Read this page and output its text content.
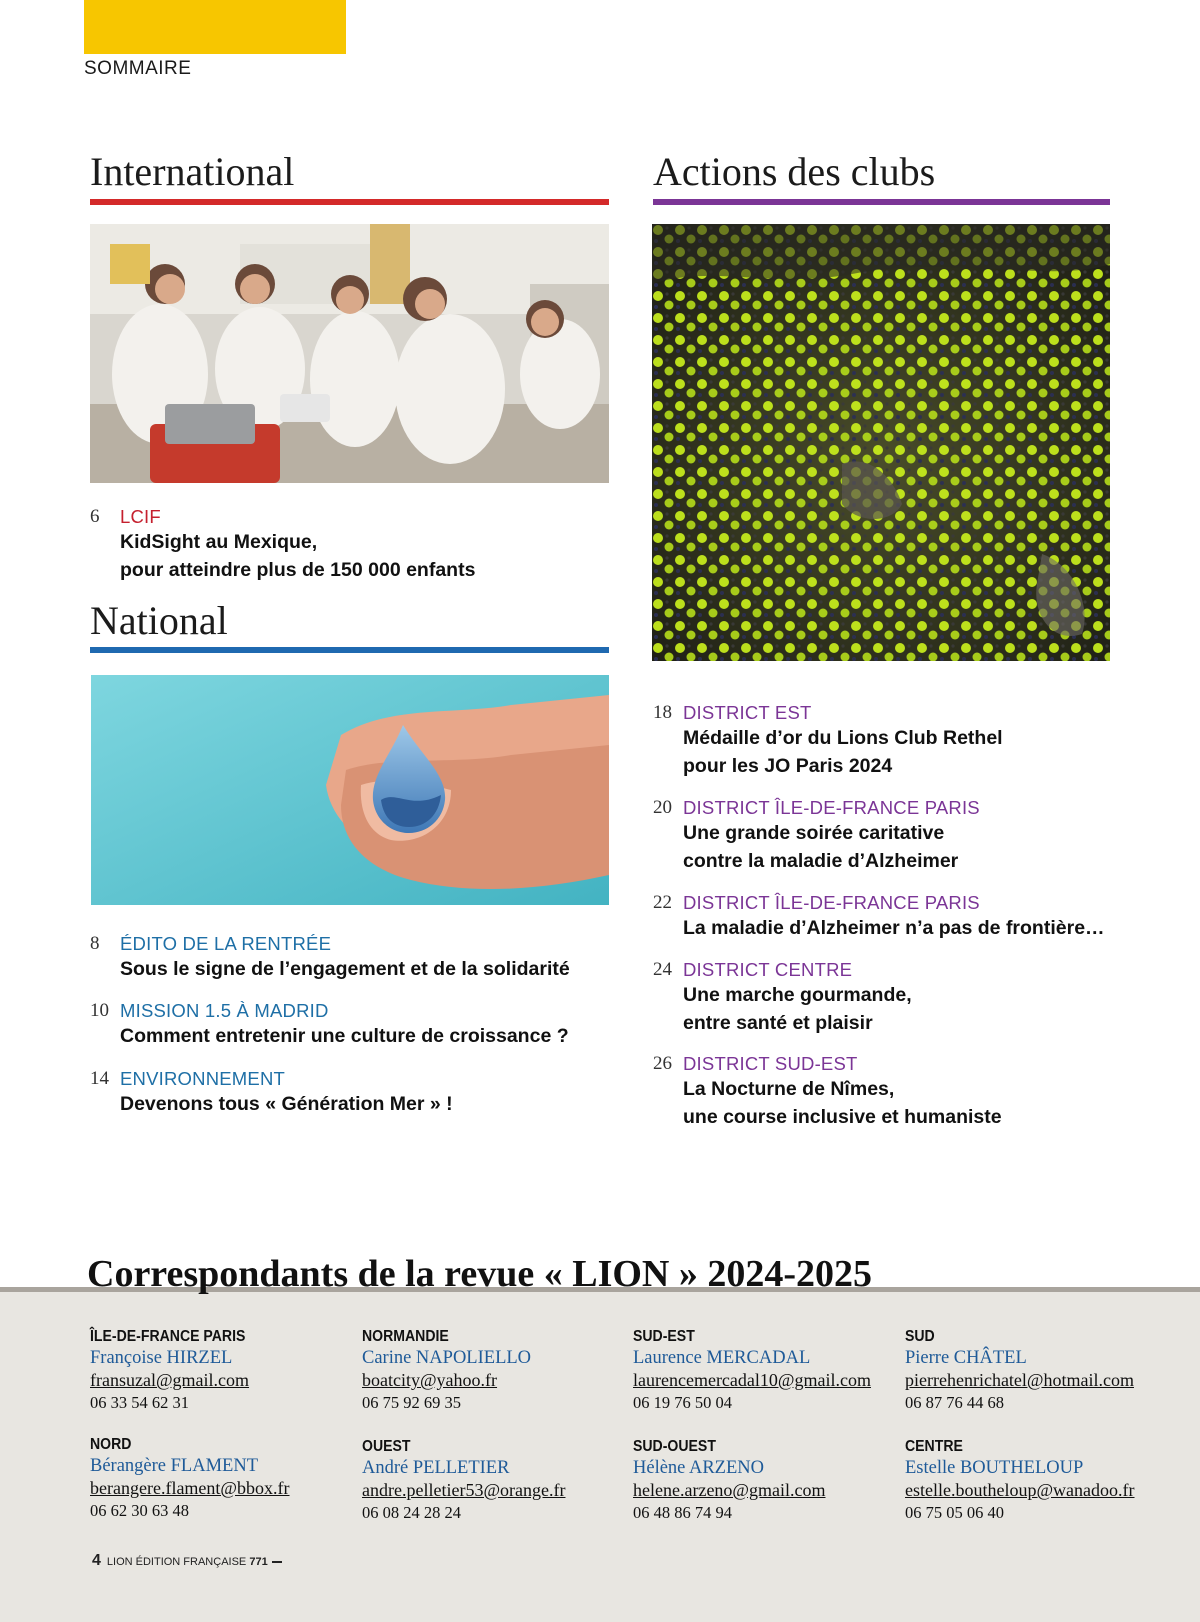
SOMMAIRE
International
6 LCIF
KidSight au Mexique,
pour atteindre plus de 150 000 enfants
National
8 ÉDITO DE LA RENTRÉE
Sous le signe de l’engagement et de la solidarité
10 MISSION 1.5 À MADRID
Comment entretenir une culture de croissance ?
14 ENVIRONNEMENT
Devenons tous « Génération Mer » !
Actions des clubs
18 DISTRICT EST
Médaille d’or du Lions Club Rethel
pour les JO Paris 2024
20 DISTRICT ÎLE-DE-FRANCE PARIS
Une grande soirée caritative
contre la maladie d’Alzheimer
22 DISTRICT ÎLE-DE-FRANCE PARIS
La maladie d’Alzheimer n’a pas de frontière…
24 DISTRICT CENTRE
Une marche gourmande,
entre santé et plaisir
26 DISTRICT SUD-EST
La Nocturne de Nîmes,
une course inclusive et humaniste
Correspondants de la revue « LION » 2024-2025
ÎLE-DE-FRANCE PARIS
Françoise HIRZEL
fransuzal@gmail.com
06 33 54 62 31
NORMANDIE
Carine NAPOLIELLO
boatcity@yahoo.fr
06 75 92 69 35
SUD-EST
Laurence MERCADAL
laurencemercadal10@gmail.com
06 19 76 50 04
SUD
Pierre CHÂTEL
pierrehenrichatel@hotmail.com
06 87 76 44 68
NORD
Bérangère FLAMENT
berangere.flament@bbox.fr
06 62 30 63 48
OUEST
André PELLETIER
andre.pelletier53@orange.fr
06 08 24 28 24
SUD-OUEST
Hélène ARZENO
helene.arzeno@gmail.com
06 48 86 74 94
CENTRE
Estelle BOUTHELOUP
estelle.boutheloup@wanadoo.fr
06 75 05 06 40
4 LION ÉDITION FRANÇAISE 771
